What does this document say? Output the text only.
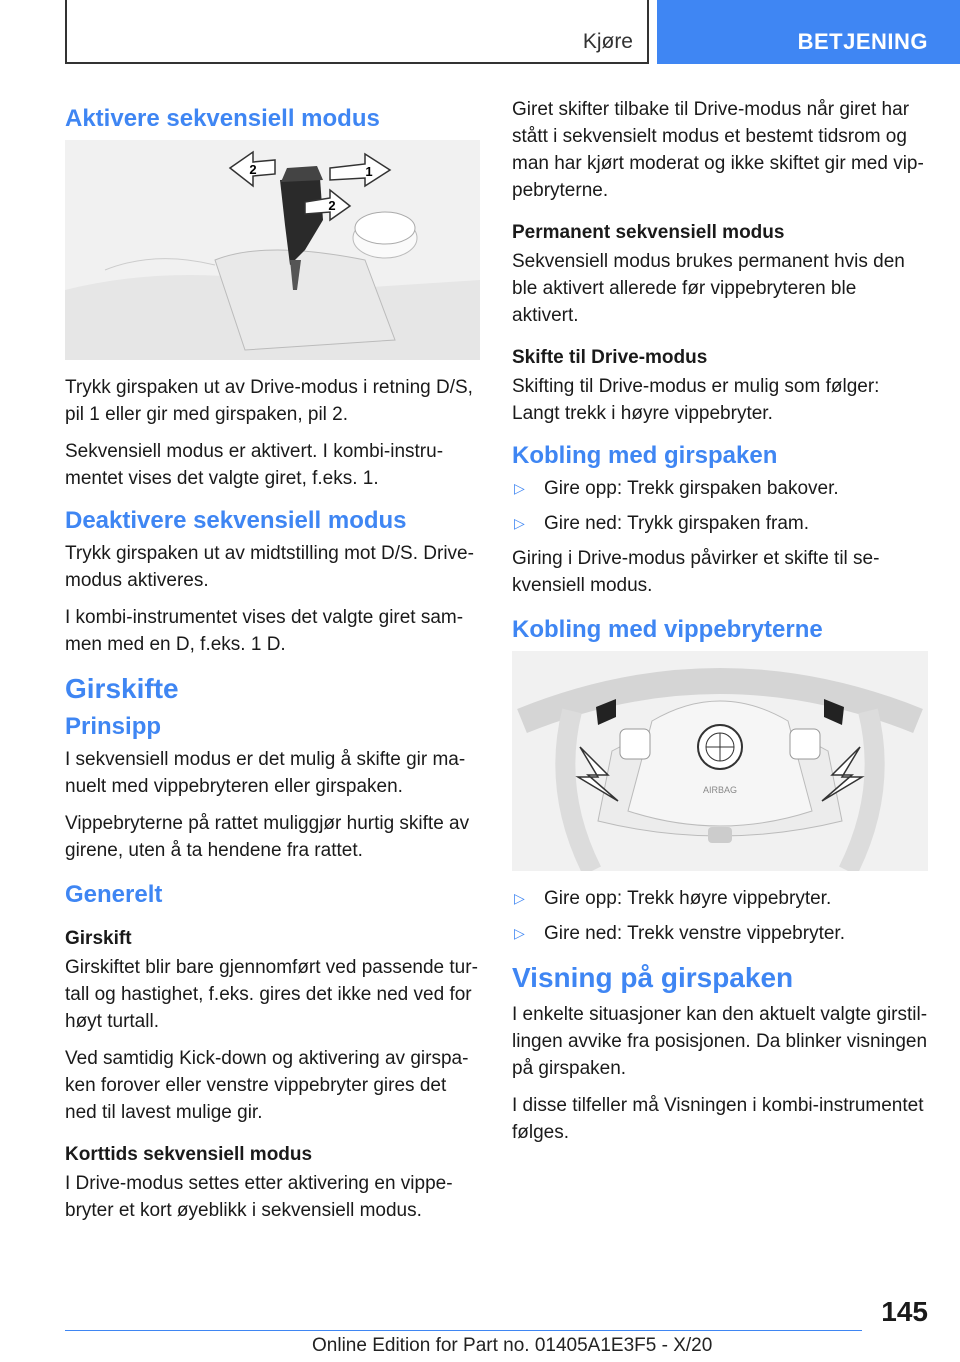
Kjøre	BETJENING
Aktivere sekvensiell modus
2	1
2

Trykk girspaken ut av Drive-modus i retning D/S, pil 1 eller gir med girspaken, pil 2.

Sekvensiell modus er aktivert. I kombi-instru-mentet vises det valgte giret, f.eks. 1.

Deaktivere sekvensiell modus

Trykk girspaken ut av midtstilling mot D/S. Drive-modus aktiveres.

I kombi-instrumentet vises det valgte giret sam-men med en D, f.eks. 1 D.

Girskifte
Prinsipp

I sekvensiell modus er det mulig å skifte gir ma-nuelt med vippebryteren eller girspaken.

Vippebryterne på rattet muliggjør hurtig skifte av girene, uten å ta hendene fra rattet.

Generelt
Girskift

Girskiftet blir bare gjennomført ved passende tur-tall og hastighet, f.eks. gires det ikke ned ved for høyt turtall.

Ved samtidig Kick-down og aktivering av girspa-ken forover eller venstre vippebryter gires det ned til lavest mulige gir.

Korttids sekvensiell modus

I Drive-modus settes etter aktivering en vippe-bryter et kort øyeblikk i sekvensiell modus.

Giret skifter tilbake til Drive-modus når giret har stått i sekvensielt modus et bestemt tidsrom og man har kjørt moderat og ikke skiftet gir med vip-pebryterne.

Permanent sekvensiell modus

Sekvensiell modus brukes permanent hvis den ble aktivert allerede før vippebryteren ble aktivert.

Skifte til Drive-modus

Skifting til Drive-modus er mulig som følger: Langt trekk i høyre vippebryter.

Kobling med girspaken
▷	Gire opp: Trekk girspaken bakover.
▷	Gire ned: Trykk girspaken fram.

Giring i Drive-modus påvirker et skifte til se-kvensiell modus.

Kobling med vippebryterne
AIRBAG
▷	Gire opp: Trekk høyre vippebryter.
▷	Gire ned: Trekk venstre vippebryter.
Visning på girspaken

I enkelte situasjoner kan den aktuelt valgte girstil-lingen avvike fra posisjonen. Da blinker visningen på girspaken.

I disse tilfeller må Visningen i kombi-instrumentet følges.

145
Online Edition for Part no. 01405A1E3F5 - X/20
